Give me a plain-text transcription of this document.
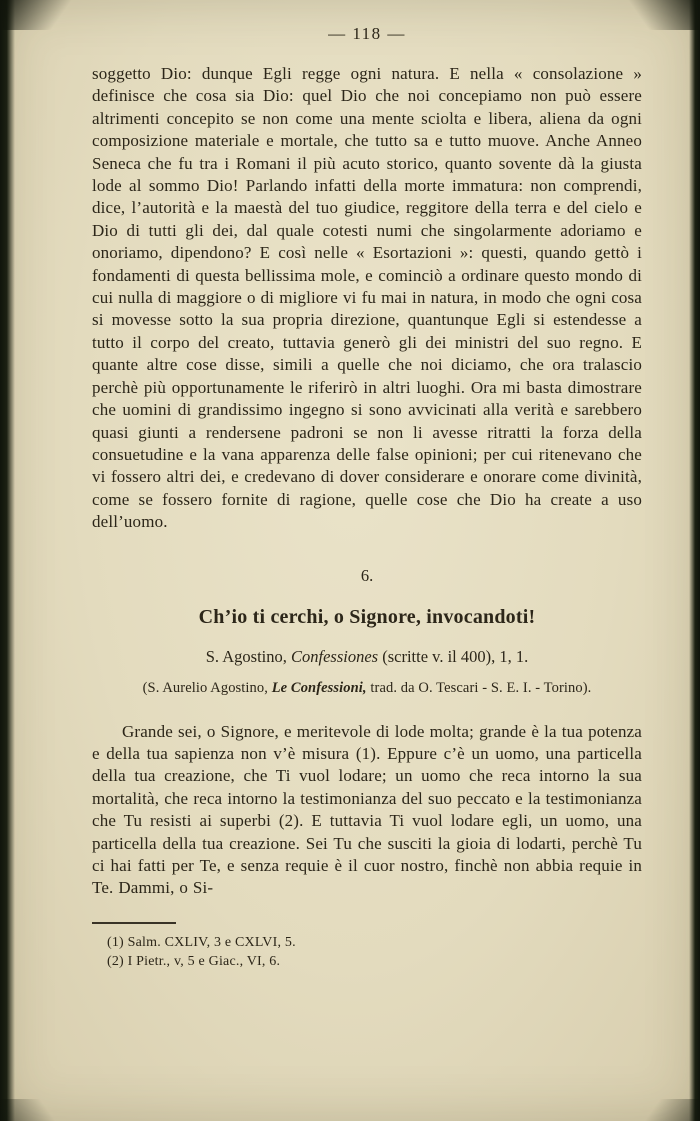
— 118 —

soggetto Dio: dunque Egli regge ogni natura. E nella « consolazione » definisce che cosa sia Dio: quel Dio che noi concepiamo non può essere altrimenti concepito se non come una mente sciolta e libera, aliena da ogni composizione materiale e mortale, che tutto sa e tutto muove. Anche Anneo Seneca che fu tra i Romani il più acuto storico, quanto sovente dà la giusta lode al sommo Dio! Parlando infatti della morte immatura: non comprendi, dice, l’autorità e la maestà del tuo giudice, reggitore della terra e del cielo e Dio di tutti gli dei, dal quale cotesti numi che singolarmente adoriamo e onoriamo, dipendono? E così nelle « Esortazioni »: questi, quando gettò i fondamenti di questa bellissima mole, e cominciò a ordinare questo mondo di cui nulla di maggiore o di migliore vi fu mai in natura, in modo che ogni cosa si movesse sotto la sua propria direzione, quantunque Egli si estendesse a tutto il corpo del creato, tuttavia generò gli dei ministri del suo regno. E quante altre cose disse, simili a quelle che noi diciamo, che ora tralascio perchè più opportunamente le riferirò in altri luoghi. Ora mi basta dimostrare che uomini di grandissimo ingegno si sono avvicinati alla verità e sarebbero quasi giunti a rendersene padroni se non li avesse ritratti la forza della consuetudine e la vana apparenza delle false opinioni; per cui ritenevano che vi fossero altri dei, e credevano di dover considerare e onorare come divinità, come se fossero fornite di ragione, quelle cose che Dio ha create a uso dell’uomo.

6.
Ch’io ti cerchi, o Signore, invocandoti!
S. Agostino, Confessiones (scritte v. il 400), 1, 1.
(S. Aurelio Agostino, Le Confessioni, trad. da O. Tescari - S. E. I. - Torino).

Grande sei, o Signore, e meritevole di lode molta; grande è la tua potenza e della tua sapienza non v’è misura (1). Eppure c’è un uomo, una particella della tua creazione, che Ti vuol lodare; un uomo che reca intorno la sua mortalità, che reca intorno la testimonianza del suo peccato e la testimonianza che Tu resisti ai superbi (2). E tuttavia Ti vuol lodare egli, un uomo, una particella della tua creazione. Sei Tu che susciti la gioia di lodarti, perchè Tu ci hai fatti per Te, e senza requie è il cuor nostro, finchè non abbia requie in Te. Dammi, o Si-

(1) Salm. CXLIV, 3 e CXLVI, 5.
(2) I Pietr., v, 5 e Giac., VI, 6.
